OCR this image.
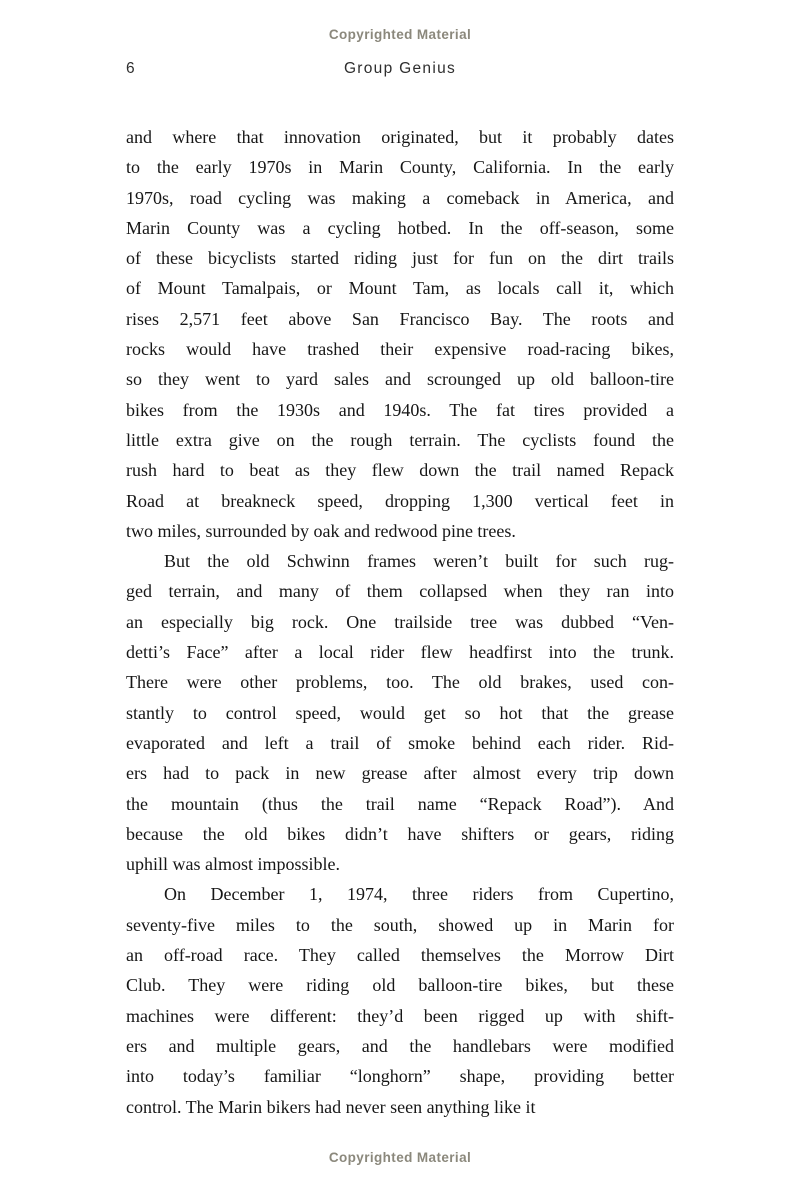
Copyrighted Material
6	Group Genius
and where that innovation originated, but it probably dates
to the early 1970s in Marin County, California. In the early
1970s, road cycling was making a comeback in America, and
Marin County was a cycling hotbed. In the off-season, some
of these bicyclists started riding just for fun on the dirt trails
of Mount Tamalpais, or Mount Tam, as locals call it, which
rises 2,571 feet above San Francisco Bay. The roots and
rocks would have trashed their expensive road-racing bikes,
so they went to yard sales and scrounged up old balloon-tire
bikes from the 1930s and 1940s. The fat tires provided a
little extra give on the rough terrain. The cyclists found the
rush hard to beat as they flew down the trail named Repack
Road at breakneck speed, dropping 1,300 vertical feet in
two miles, surrounded by oak and redwood pine trees.
But the old Schwinn frames weren’t built for such rug-
ged terrain, and many of them collapsed when they ran into
an especially big rock. One trailside tree was dubbed “Ven-
detti’s Face” after a local rider flew headfirst into the trunk.
There were other problems, too. The old brakes, used con-
stantly to control speed, would get so hot that the grease
evaporated and left a trail of smoke behind each rider. Rid-
ers had to pack in new grease after almost every trip down
the mountain (thus the trail name “Repack Road”). And
because the old bikes didn’t have shifters or gears, riding
uphill was almost impossible.
On December 1, 1974, three riders from Cupertino,
seventy-five miles to the south, showed up in Marin for
an off-road race. They called themselves the Morrow Dirt
Club. They were riding old balloon-tire bikes, but these
machines were different: they’d been rigged up with shift-
ers and multiple gears, and the handlebars were modified
into today’s familiar “longhorn” shape, providing better
control. The Marin bikers had never seen anything like it
Copyrighted Material
